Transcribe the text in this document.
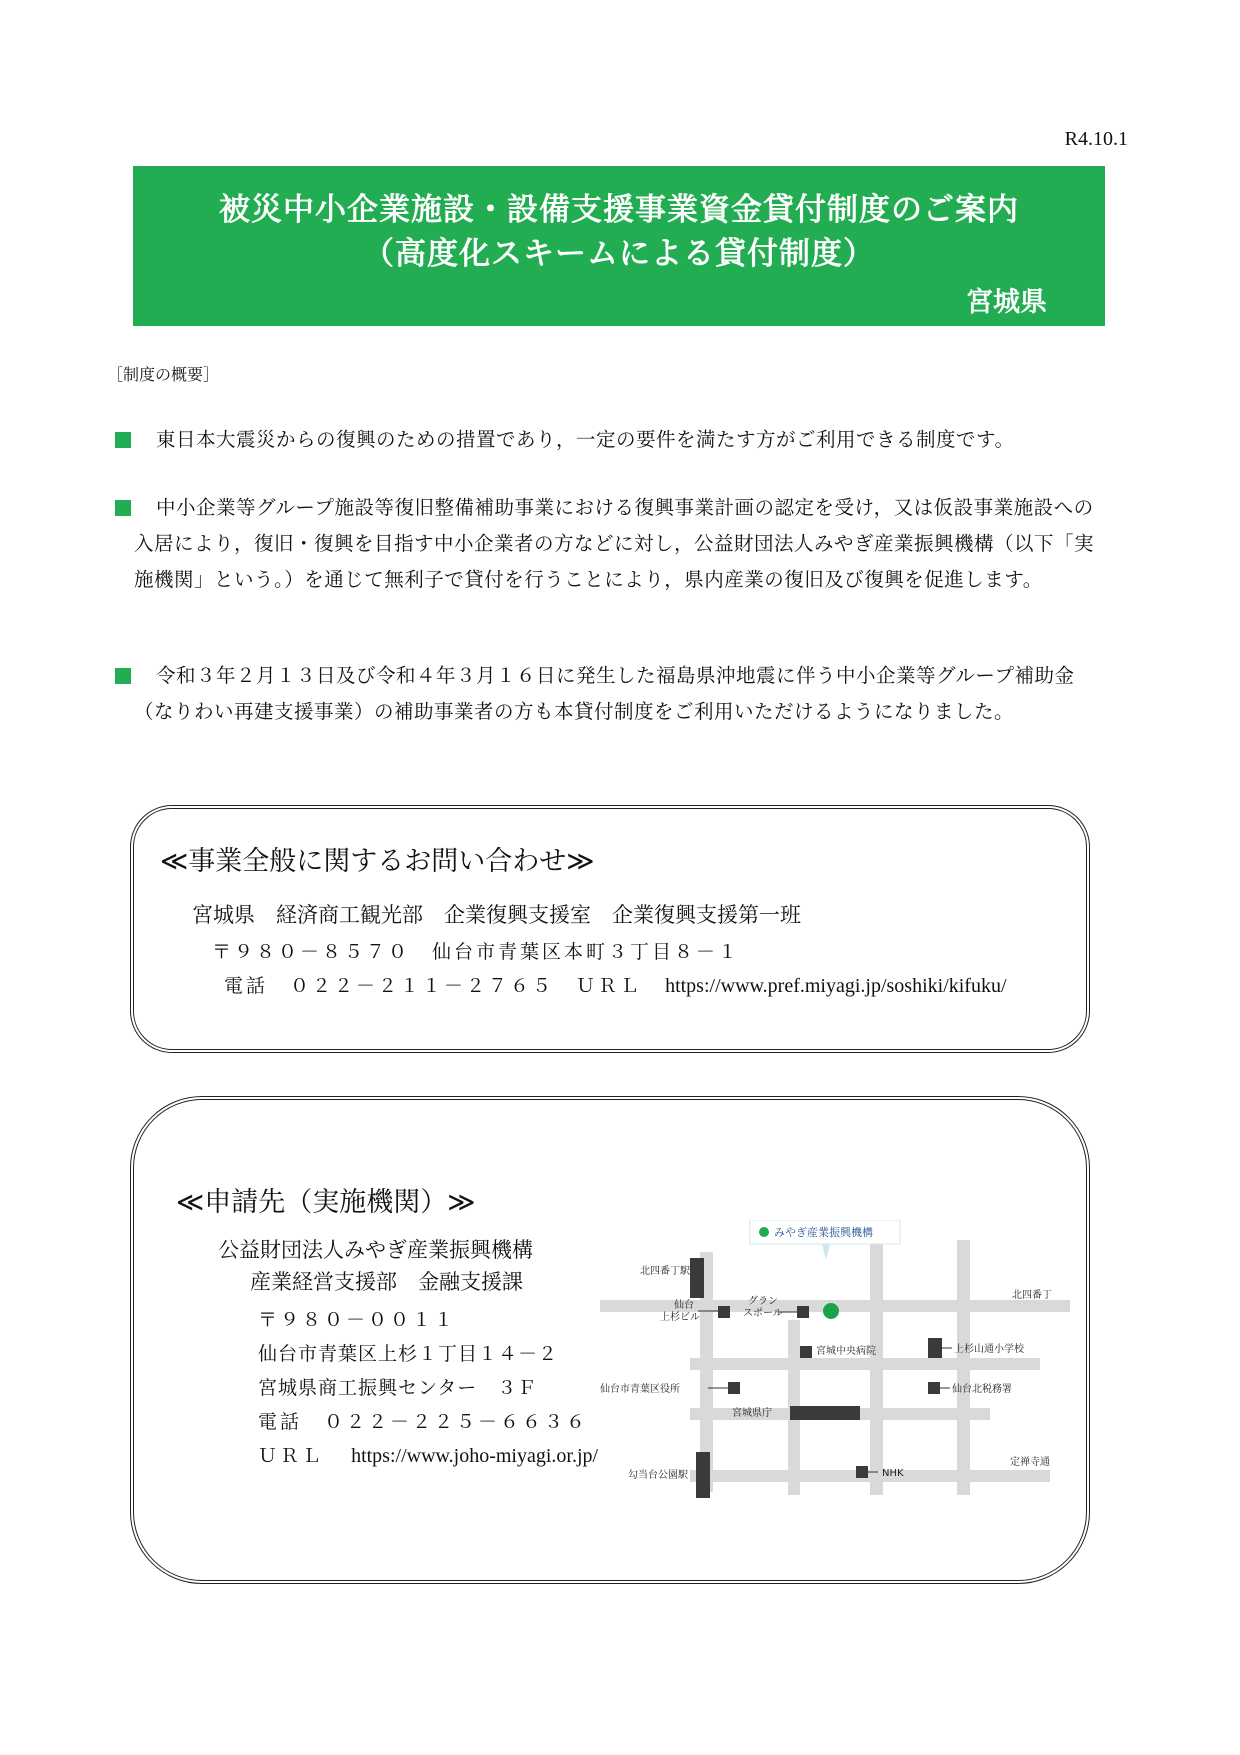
R4.10.1
被災中小企業施設・設備支援事業資金貸付制度のご案内
（高度化スキームによる貸付制度）
宮城県
［制度の概要］
東日本大震災からの復興のための措置であり，一定の要件を満たす方がご利用できる制度です。
中小企業等グループ施設等復旧整備補助事業における復興事業計画の認定を受け，又は仮設事業施設への入居により，復旧・復興を目指す中小企業者の方などに対し，公益財団法人みやぎ産業振興機構（以下「実施機関」という。）を通じて無利子で貸付を行うことにより，県内産業の復旧及び復興を促進します。
令和３年２月１３日及び令和４年３月１６日に発生した福島県沖地震に伴う中小企業等グループ補助金（なりわい再建支援事業）の補助事業者の方も本貸付制度をご利用いただけるようになりました。
≪事業全般に関するお問い合わせ≫
宮城県　経済商工観光部　企業復興支援室　企業復興支援第一班
〒９８０－８５７０　仙台市青葉区本町３丁目８－１
電話　０２２－２１１－２７６５　ＵＲＬ https://www.pref.miyagi.jp/soshiki/kifuku/
≪申請先（実施機関）≫
公益財団法人みやぎ産業振興機構
産業経営支援部　金融支援課
〒９８０－００１１
仙台市青葉区上杉１丁目１４－２
宮城県商工振興センター　３Ｆ
電話　０２２－２２５－６６３６
ＵＲＬ https://www.joho-miyagi.or.jp/
みやぎ産業振興機構
北四番丁駅
仙台
上杉ビル
グラン
スポール
北四番丁
宮城中央病院	上杉山通小学校
仙台市青葉区役所	仙台北税務署
宮城県庁
勾当台公園駅	NHK
定禅寺通
